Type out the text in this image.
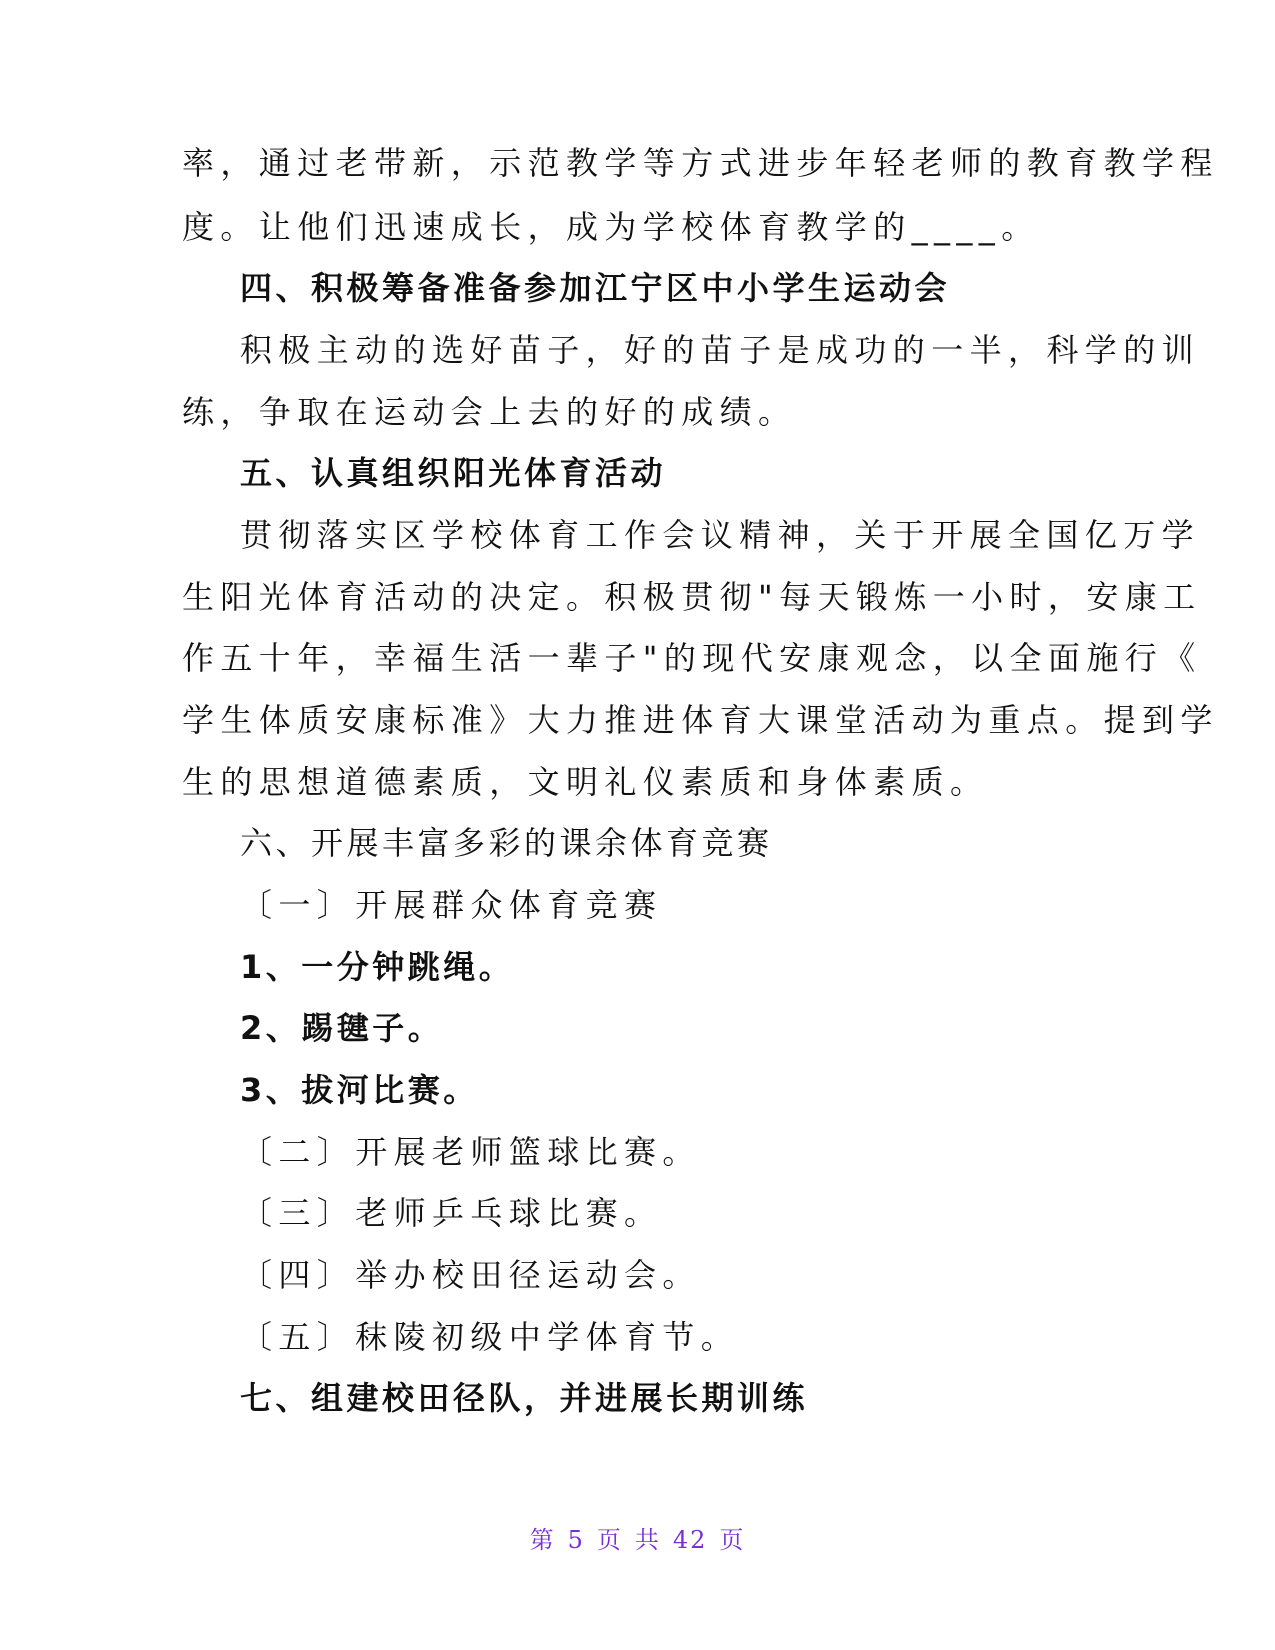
率，通过老带新，示范教学等方式进步年轻老师的教育教学程
度。让他们迅速成长，成为学校体育教学的____。
四、积极筹备准备参加江宁区中小学生运动会
积极主动的选好苗子，好的苗子是成功的一半，科学的训
练，争取在运动会上去的好的成绩。
五、认真组织阳光体育活动
贯彻落实区学校体育工作会议精神，关于开展全国亿万学
生阳光体育活动的决定。积极贯彻"每天锻炼一小时，安康工
作五十年，幸福生活一辈子"的现代安康观念，以全面施行《
学生体质安康标准》大力推进体育大课堂活动为重点。提到学
生的思想道德素质，文明礼仪素质和身体素质。
六、开展丰富多彩的课余体育竞赛
〔一〕开展群众体育竞赛
1、一分钟跳绳。
2、踢毽子。
3、拔河比赛。
〔二〕开展老师篮球比赛。
〔三〕老师乒乓球比赛。
〔四〕举办校田径运动会。
〔五〕秣陵初级中学体育节。
七、组建校田径队，并进展长期训练
第 5 页 共 42 页
